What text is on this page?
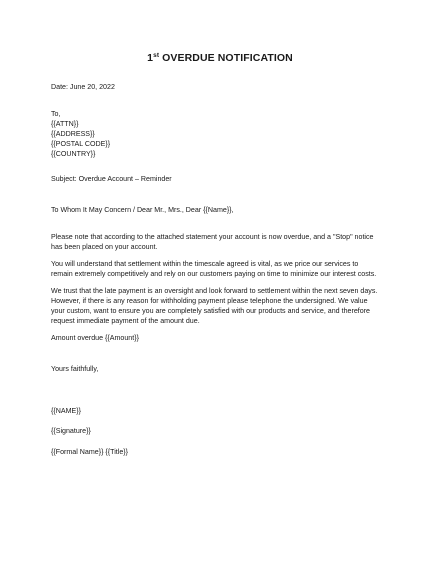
1st OVERDUE NOTIFICATION
Date: June 20, 2022
To,
{{ATTN}}
{{ADDRESS}}
{{POSTAL CODE}}
{{COUNTRY}}
Subject: Overdue Account – Reminder
To Whom It May Concern / Dear Mr., Mrs., Dear {{Name}},
Please note that according to the attached statement your account is now overdue, and a "Stop" notice
has been placed on your account.
You will understand that settlement within the timescale agreed is vital, as we price our services to
remain extremely competitively and rely on our customers paying on time to minimize our interest costs.
We trust that the late payment is an oversight and look forward to settlement within the next seven days.
However, if there is any reason for withholding payment please telephone the undersigned. We value
your custom, want to ensure you are completely satisfied with our products and service, and therefore
request immediate payment of the amount due.
Amount overdue {{Amount}}
Yours faithfully,
{{NAME}}
{{Signature}}
{{Formal Name}} {{Title}}
